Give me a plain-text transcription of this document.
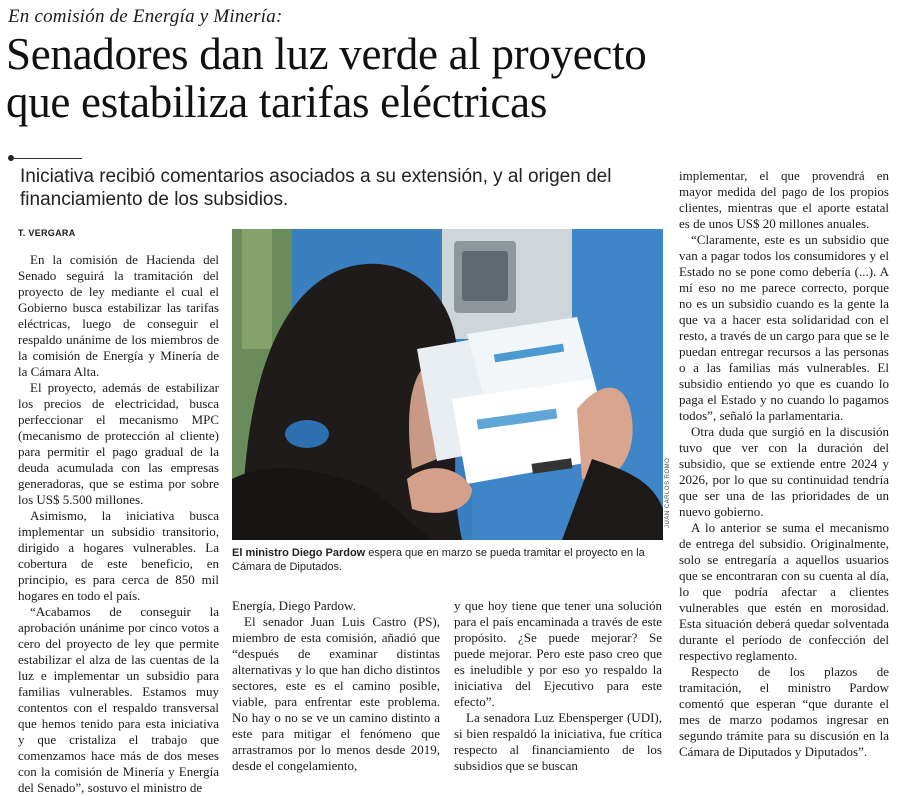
En comisión de Energía y Minería:
Senadores dan luz verde al proyecto
que estabiliza tarifas eléctricas
Iniciativa recibió comentarios asociados a su extensión, y al origen del financiamiento de los subsidios.
T. VERGARA

En la comisión de Hacienda del Senado seguirá la tramitación del proyecto de ley mediante el cual el Gobierno busca estabilizar las tarifas eléctricas, luego de conseguir el respaldo unánime de los miembros de la comisión de Energía y Minería de la Cámara Alta.

El proyecto, además de estabilizar los precios de electricidad, busca perfeccionar el mecanismo MPC (mecanismo de protección al cliente) para permitir el pago gradual de la deuda acumulada con las empresas generadoras, que se estima por sobre los US$ 5.500 millones.

Asimismo, la iniciativa busca implementar un subsidio transitorio, dirigido a hogares vulnerables. La cobertura de este beneficio, en principio, es para cerca de 850 mil hogares en todo el país.

“Acabamos de conseguir la aprobación unánime por cinco votos a cero del proyecto de ley que permite estabilizar el alza de las cuentas de la luz e implementar un subsidio para familias vulnerables. Estamos muy contentos con el respaldo transversal que hemos tenido para esta iniciativa y que cristaliza el trabajo que comenzamos hace más de dos meses con la comisión de Minería y Energía del Senado”, sostuvo el ministro de

JUAN CARLOS ROMO
El ministro Diego Pardow espera que en marzo se pueda tramitar el proyecto en la Cámara de Diputados.

Energía, Diego Pardow.

El senador Juan Luis Castro (PS), miembro de esta comisión, añadió que “después de examinar distintas alternativas y lo que han dicho distintos sectores, este es el camino posible, viable, para enfrentar este problema. No hay o no se ve un camino distinto a este para mitigar el fenómeno que arrastramos por lo menos desde 2019, desde el congelamiento,

y que hoy tiene que tener una solución para el país encaminada a través de este propósito. ¿Se puede mejorar? Se puede mejorar. Pero este paso creo que es ineludible y por eso yo respaldo la iniciativa del Ejecutivo para este efecto”.

La senadora Luz Ebensperger (UDI), si bien respaldó la iniciativa, fue crítica respecto al financiamiento de los subsidios que se buscan

implementar, el que provendrá en mayor medida del pago de los propios clientes, mientras que el aporte estatal es de unos US$ 20 millones anuales.

“Claramente, este es un subsidio que van a pagar todos los consumidores y el Estado no se pone como debería (...). A mí eso no me parece correcto, porque no es un subsidio cuando es la gente la que va a hacer esta solidaridad con el resto, a través de un cargo para que se le puedan entregar recursos a las personas o a las familias más vulnerables. El subsidio entiendo yo que es cuando lo paga el Estado y no cuando lo pagamos todos”, señaló la parlamentaria.

Otra duda que surgió en la discusión tuvo que ver con la duración del subsidio, que se extiende entre 2024 y 2026, por lo que su continuidad tendría que ser una de las prioridades de un nuevo gobierno.

A lo anterior se suma el mecanismo de entrega del subsidio. Originalmente, solo se entregaría a aquellos usuarios que se encontraran con su cuenta al día, lo que podría afectar a clientes vulnerables que estén en morosidad. Esta situación deberá quedar solventada durante el período de confección del respectivo reglamento.

Respecto de los plazos de tramitación, el ministro Pardow comentó que esperan “que durante el mes de marzo podamos ingresar en segundo trámite para su discusión en la Cámara de Diputados y Diputados”.
